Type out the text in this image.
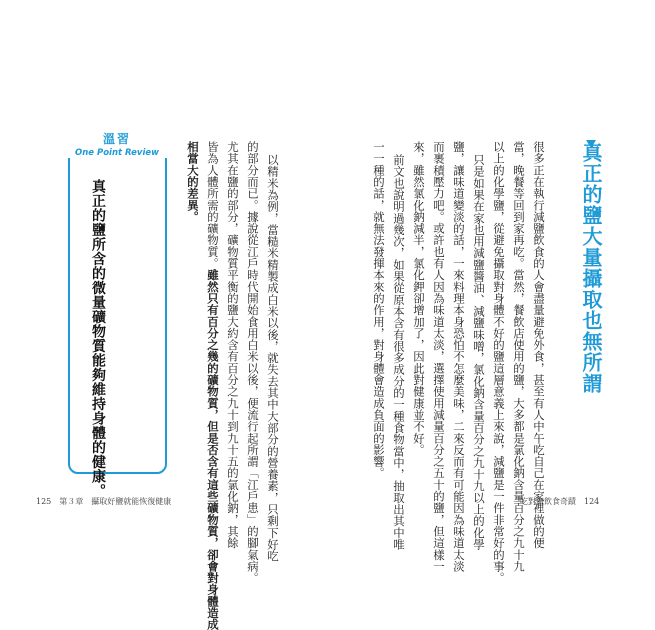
真正的鹽大量攝取也無所謂
很多正在執行減鹽飲食的人會盡量避免外食，甚至有人中午吃自己在家裡做的便
當，晚餐等回到家再吃。當然，餐飲店使用的鹽，大多都是氯化鈉含量百分之九十九
以上的化學鹽，從避免攝取對身體不好的鹽這層意義上來說，減鹽是一件非常好的事。
只是如果在家也用減鹽醬油、減鹽味噌，氯化鈉含量百分之九十九以上的化學
鹽，讓味道變淡的話，一來料理本身恐怕不怎麼美味，二來反而有可能因為味道太淡
而裹積壓力吧。或許也有人因為味道太淡，選擇使用減量百分之五十的鹽，但這樣一
來，雖然氯化鈉減半，氯化鉀卻增加了，因此對健康並不好。
前文也說明過幾次，如果從原本含有很多成分的一種食物當中，抽取出其中唯
一一種的話，就無法發揮本來的作用，對身體會造成負面的影響。
吃對鹽飲食奇蹟　124
以精米為例，當糙米精製成白米以後，就失去其中大部分的營養素，只剩下好吃
的部分而已。據說從江戶時代開始食用白米以後，便流行起所謂「江戶患」的腳氣病。
尤其在鹽的部分，礦物質平衡的鹽大約含有百分之九十到九十五的氯化鈉，其餘
皆為人體所需的礦物質。雖然只有百分之幾的礦物質，但是否含有這些礦物質，卻會對身體造成
相當大的差異。
溫習
One Point Review
真正的鹽所含的微量礦物質能夠維持身體的健康。
125　第３章　攝取好鹽就能恢復健康
